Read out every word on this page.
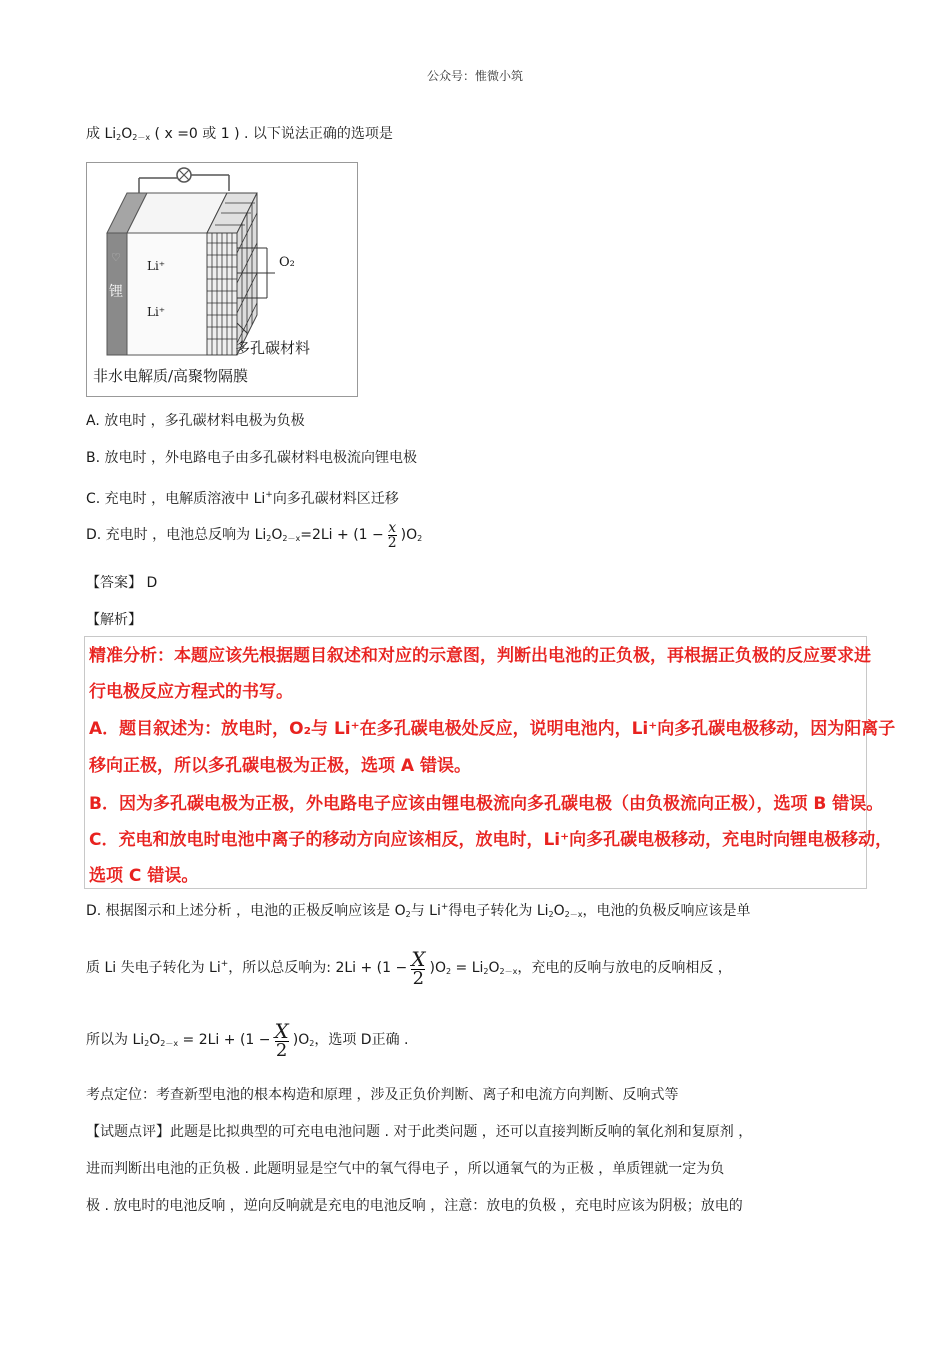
公众号：惟微小筑
成 $Li_2O_{2-x}$ ( x =0 或 1 ) . 以下说法正确的选项是
♡
锂
Li⁺
Li⁺
O₂
多孔碳材料
非水电解质/高聚物隔膜
A. 放电时 ，多孔碳材料电极为负极
B. 放电时 ，外电路电子由多孔碳材料电极流向锂电极
C. 充电时 ，电解质溶液中 Li+向多孔碳材料区迁移
D. 充电时 ，电池总反响为 $Li_2O_{2-x}=2Li + (1 - \frac{x}{2} )O_2$
【答案】 D
【解析】

精准分析：本题应该先根据题目叙述和对应的示意图，判断出电池的正负极，再根据正负极的反应要求进

行电极反应方程式的书写。

A．题目叙述为：放电时，O₂与 Li⁺在多孔碳电极处反应，说明电池内，Li⁺向多孔碳电极移动，因为阳离子

移向正极，所以多孔碳电极为正极，选项 A 错误。

B．因为多孔碳电极为正极，外电路电子应该由锂电极流向多孔碳电极（由负极流向正极），选项 B 错误。

C．充电和放电时电池中离子的移动方向应该相反，放电时，Li⁺向多孔碳电极移动，充电时向锂电极移动，

选项 C 错误。

D. 根据图示和上述分析 ，电池的正极反响应该是 $O_2$与 Li+得电子转化为 $Li_2O_{2-x}$，电池的负极反响应该是单
质 Li 失电子转化为 Li+，所以总反响为: $2Li + (1 - \frac{X}{2} )O_2 = Li_2O_{2-x}$，充电的反响与放电的反响相反 ，
所以为 $Li_2O_{2-x} = 2Li + (1 - \frac{X}{2} )O_2$，选项 D正确 .
考点定位：考查新型电池的根本构造和原理 ，涉及正负价判断、离子和电流方向判断、反响式等
【试题点评】此题是比拟典型的可充电电池问题 . 对于此类问题 ，还可以直接判断反响的氧化剂和复原剂 ，
进而判断出电池的正负极 . 此题明显是空气中的氧气得电子 ，所以通氧气的为正极 ，单质锂就一定为负
极 . 放电时的电池反响 ，逆向反响就是充电的电池反响 ，注意：放电的负极 ，充电时应该为阴极；放电的
